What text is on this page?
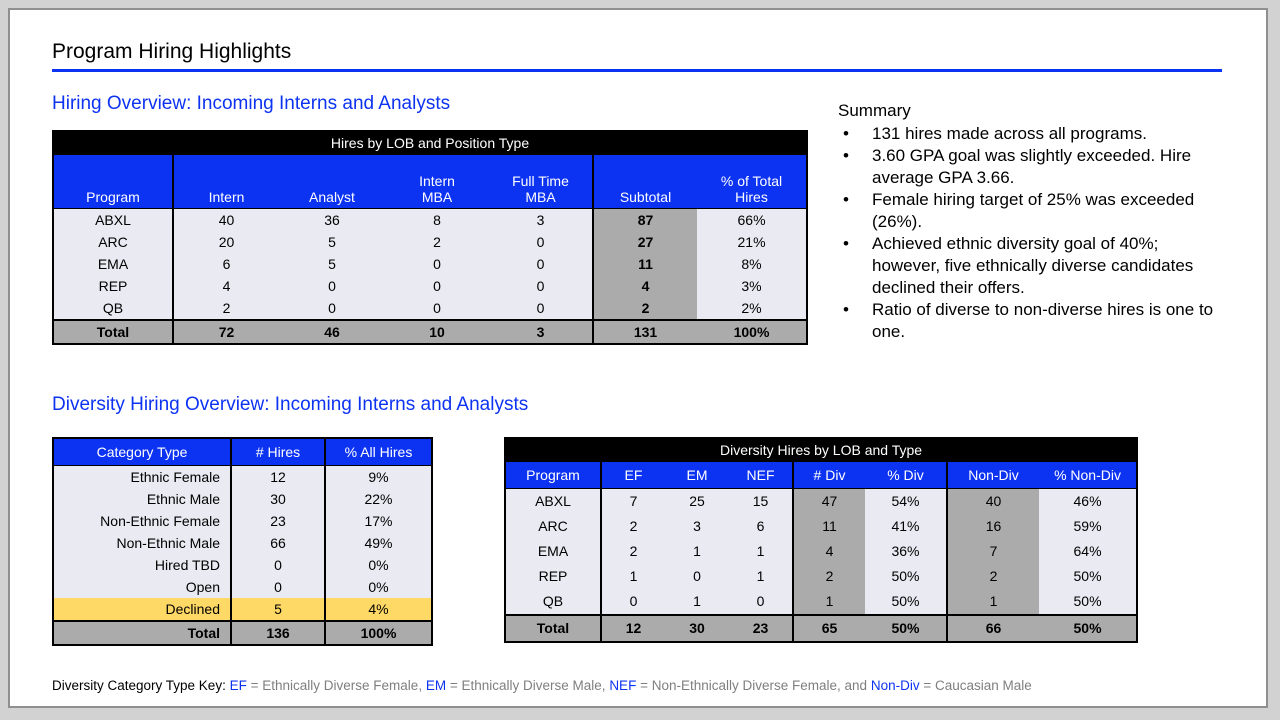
Program Hiring Highlights
Hiring Overview: Incoming Interns and Analysts
Hires by LOB and Position Type						
Program	Intern	Analyst	Intern MBA	Full Time MBA	Subtotal	% of Total Hires
ABXL	40	36	8	3	87	66%
ARC	20	5	2	0	27	21%
EMA	6	5	0	0	11	8%
REP	4	0	0	0	4	3%
QB	2	0	0	0	2	2%
Total	72	46	10	3	131	100%
Summary
• 131 hires made across all programs.
• 3.60 GPA goal was slightly exceeded. Hire average GPA 3.66.
• Female hiring target of 25% was exceeded (26%).
• Achieved ethnic diversity goal of 40%; however, five ethnically diverse candidates declined their offers.
• Ratio of diverse to non-diverse hires is one to one.
Diversity Hiring Overview: Incoming Interns and Analysts
Category Type	# Hires	% All Hires
Ethnic Female	12	9%
Ethnic Male	30	22%
Non-Ethnic Female	23	17%
Non-Ethnic Male	66	49%
Hired TBD	0	0%
Open	0	0%
Declined	5	4%
Total	136	100%
Diversity Hires by LOB and Type							
Program	EF	EM	NEF	# Div	% Div	Non-Div	% Non-Div
ABXL	7	25	15	47	54%	40	46%
ARC	2	3	6	11	41%	16	59%
EMA	2	1	1	4	36%	7	64%
REP	1	0	1	2	50%	2	50%
QB	0	1	0	1	50%	1	50%
Total	12	30	23	65	50%	66	50%
Diversity Category Type Key: EF = Ethnically Diverse Female, EM = Ethnically Diverse Male, NEF = Non-Ethnically Diverse Female, and Non-Div = Caucasian Male
